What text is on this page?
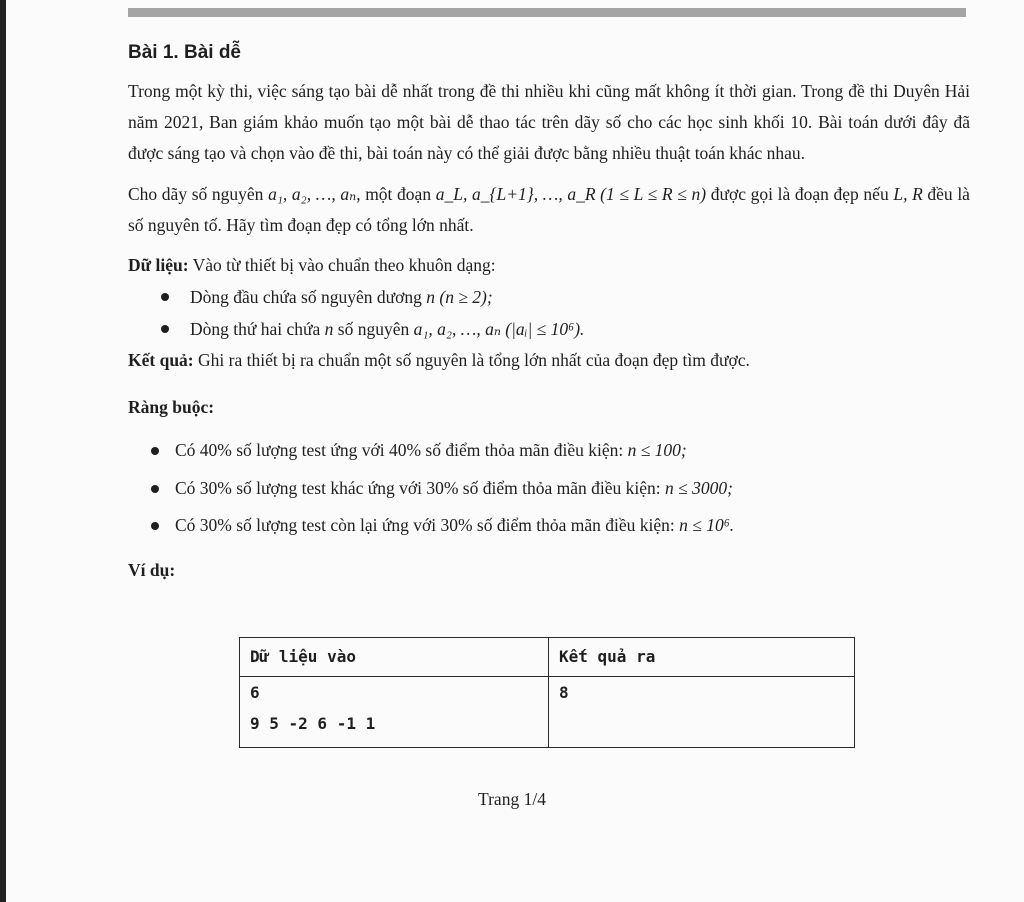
Bài 1. Bài dễ

Trong một kỳ thi, việc sáng tạo bài dễ nhất trong đề thi nhiều khi cũng mất không ít thời gian. Trong đề thi Duyên Hải năm 2021, Ban giám khảo muốn tạo một bài dễ thao tác trên dãy số cho các học sinh khối 10. Bài toán dưới đây đã được sáng tạo và chọn vào đề thi, bài toán này có thể giải được bằng nhiều thuật toán khác nhau.

Cho dãy số nguyên a₁, a₂, …, aₙ, một đoạn a_L, a_{L+1}, …, a_R (1 ≤ L ≤ R ≤ n) được gọi là đoạn đẹp nếu L, R đều là số nguyên tố. Hãy tìm đoạn đẹp có tổng lớn nhất.

Dữ liệu: Vào từ thiết bị vào chuẩn theo khuôn dạng:

Dòng đầu chứa số nguyên dương n (n ≥ 2);
Dòng thứ hai chứa n số nguyên a₁, a₂, …, aₙ (|aᵢ| ≤ 10⁶).

Kết quả: Ghi ra thiết bị ra chuẩn một số nguyên là tổng lớn nhất của đoạn đẹp tìm được.

Ràng buộc:

Có 40% số lượng test ứng với 40% số điểm thỏa mãn điều kiện: n ≤ 100;
Có 30% số lượng test khác ứng với 30% số điểm thỏa mãn điều kiện: n ≤ 3000;
Có 30% số lượng test còn lại ứng với 30% số điểm thỏa mãn điều kiện: n ≤ 10⁶.

Ví dụ:

Dữ liệu vào	Kết quả ra

6
9 5 -2 6 -1 1	8
Trang 1/4
